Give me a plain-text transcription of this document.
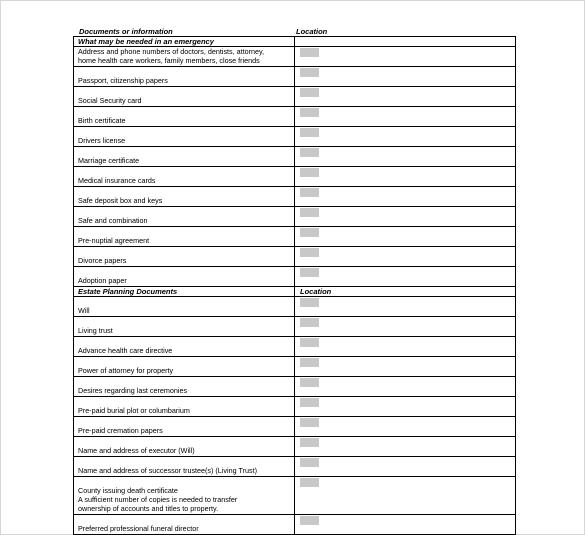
Documents or information	Location
What may be needed in an emergency	

Address and phone numbers of doctors, dentists, attorney,
home health care workers, family members, close friends	

Passport, citizenship papers	

Social Security card	

Birth certificate	

Drivers license	

Marriage certificate	

Medical insurance cards	

Safe deposit box and keys	

Safe and combination	

Pre-nuptial agreement	

Divorce papers	

Adoption paper	

Estate Planning Documents	Location

Will	

Living trust	

Advance health care directive	

Power of attorney for property	

Desires regarding last ceremonies	

Pre-paid burial plot or columbarium	

Pre-paid cremation papers	

Name and address of executor (Will)	

Name and address of successor trustee(s) (Living Trust)	

County issuing death certificate
A sufficient number of copies is needed to transfer
ownership of accounts and titles to property.	

Preferred professional funeral director	
